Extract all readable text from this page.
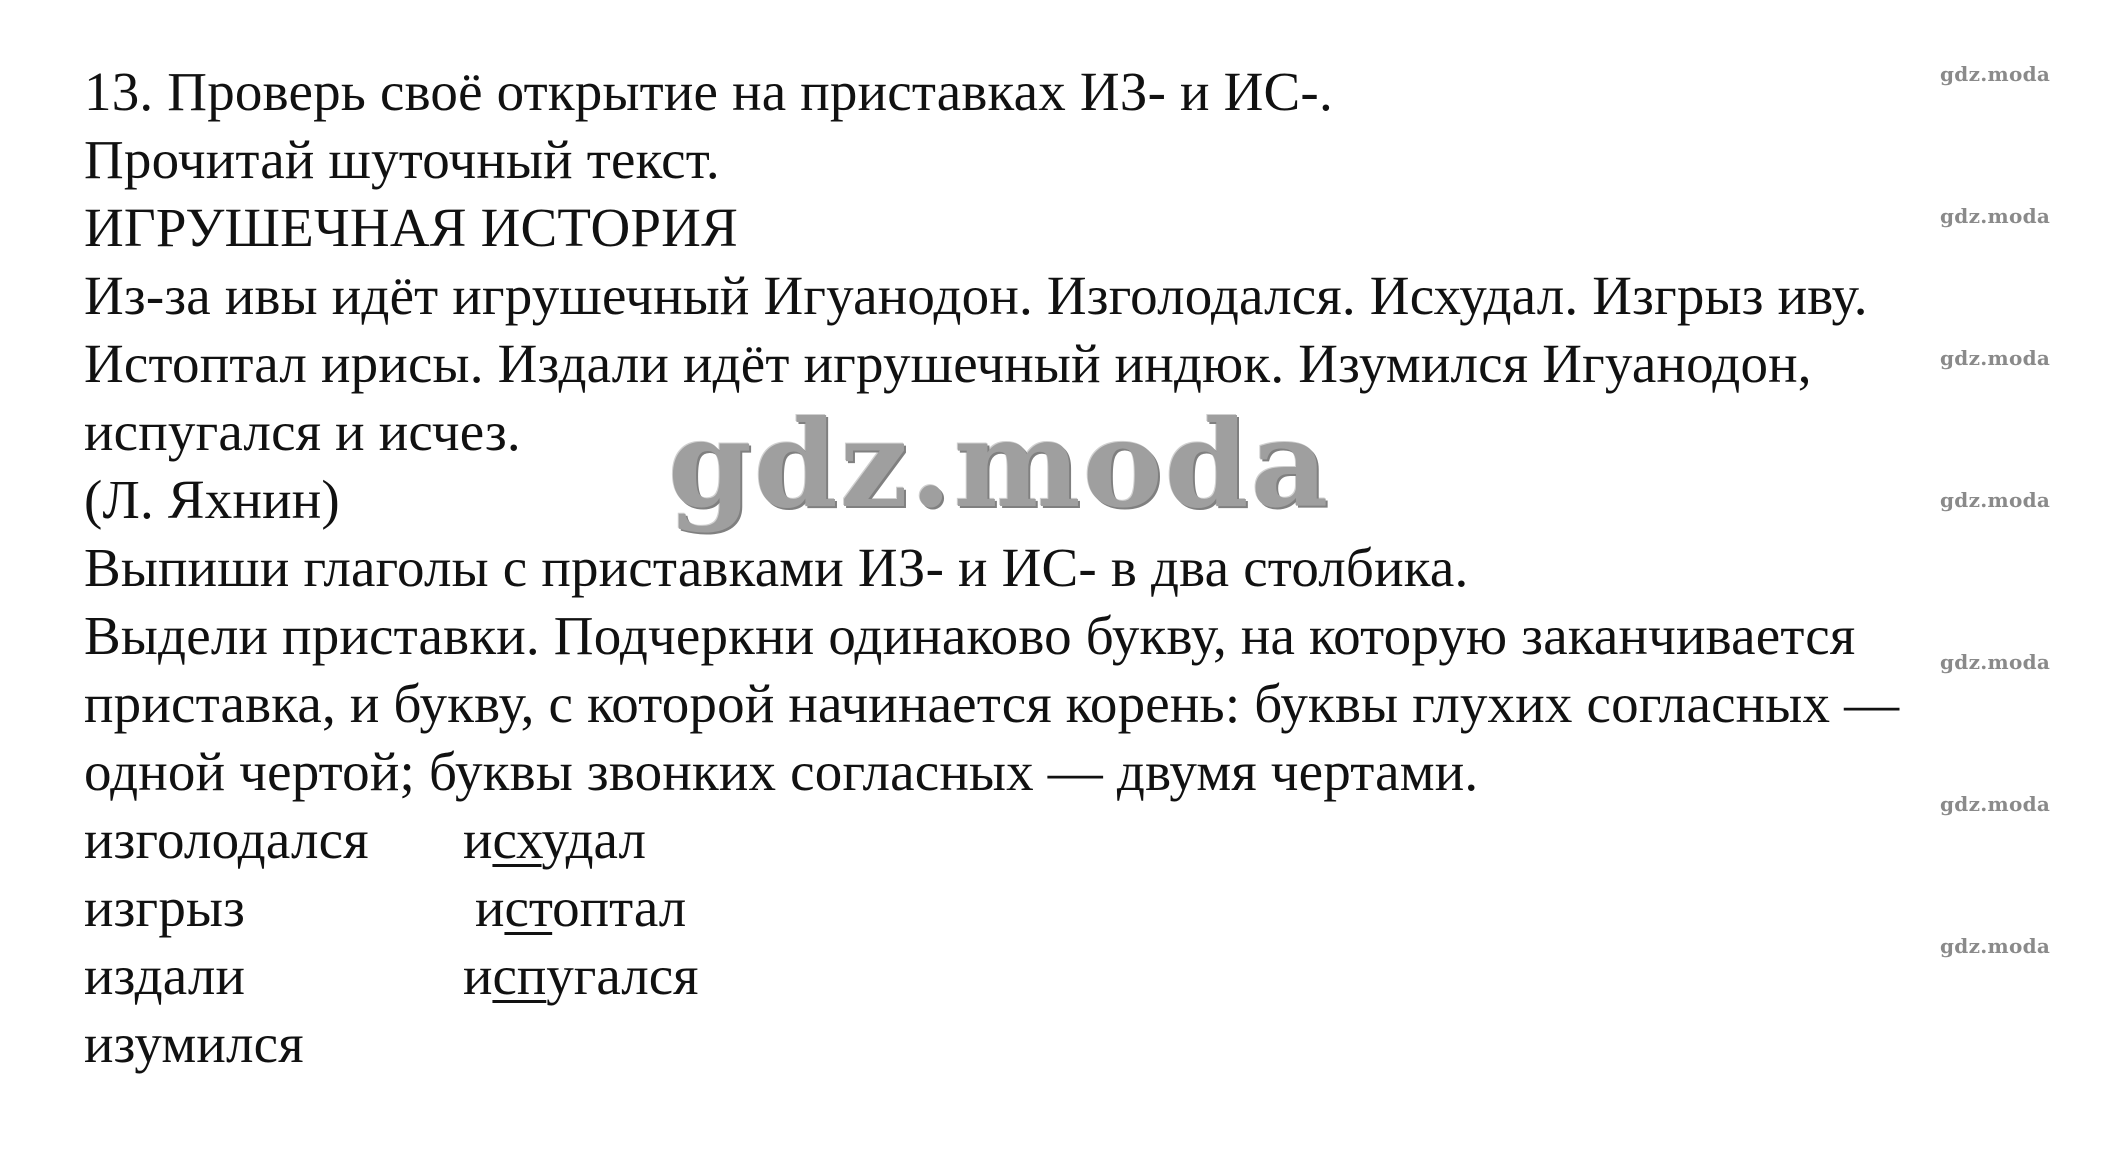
13. Проверь своё открытие на приставках ИЗ- и ИС-.
Прочитай шуточный текст.
ИГРУШЕЧНАЯ ИСТОРИЯ
Из-за ивы идёт игрушечный Игуанодон. Изголодался. Исхудал. Изгрыз иву.
Истоптал ирисы. Издали идёт игрушечный индюк. Изумился Игуанодон,
испугался и исчез.
(Л. Яхнин)
Выпиши глаголы с приставками ИЗ- и ИС- в два столбика.
Выдели приставки. Подчеркни одинаково букву, на которую заканчивается
приставка, и букву, с которой начинается корень: буквы глухих согласных —
одной чертой; буквы звонких согласных — двумя чертами.
изголодался
изгрыз
издали
изумился
исхудал
истоптал
испугался
gdz.moda
gdz.moda
gdz.moda
gdz.moda
gdz.moda
gdz.moda
gdz.moda
gdz.moda
